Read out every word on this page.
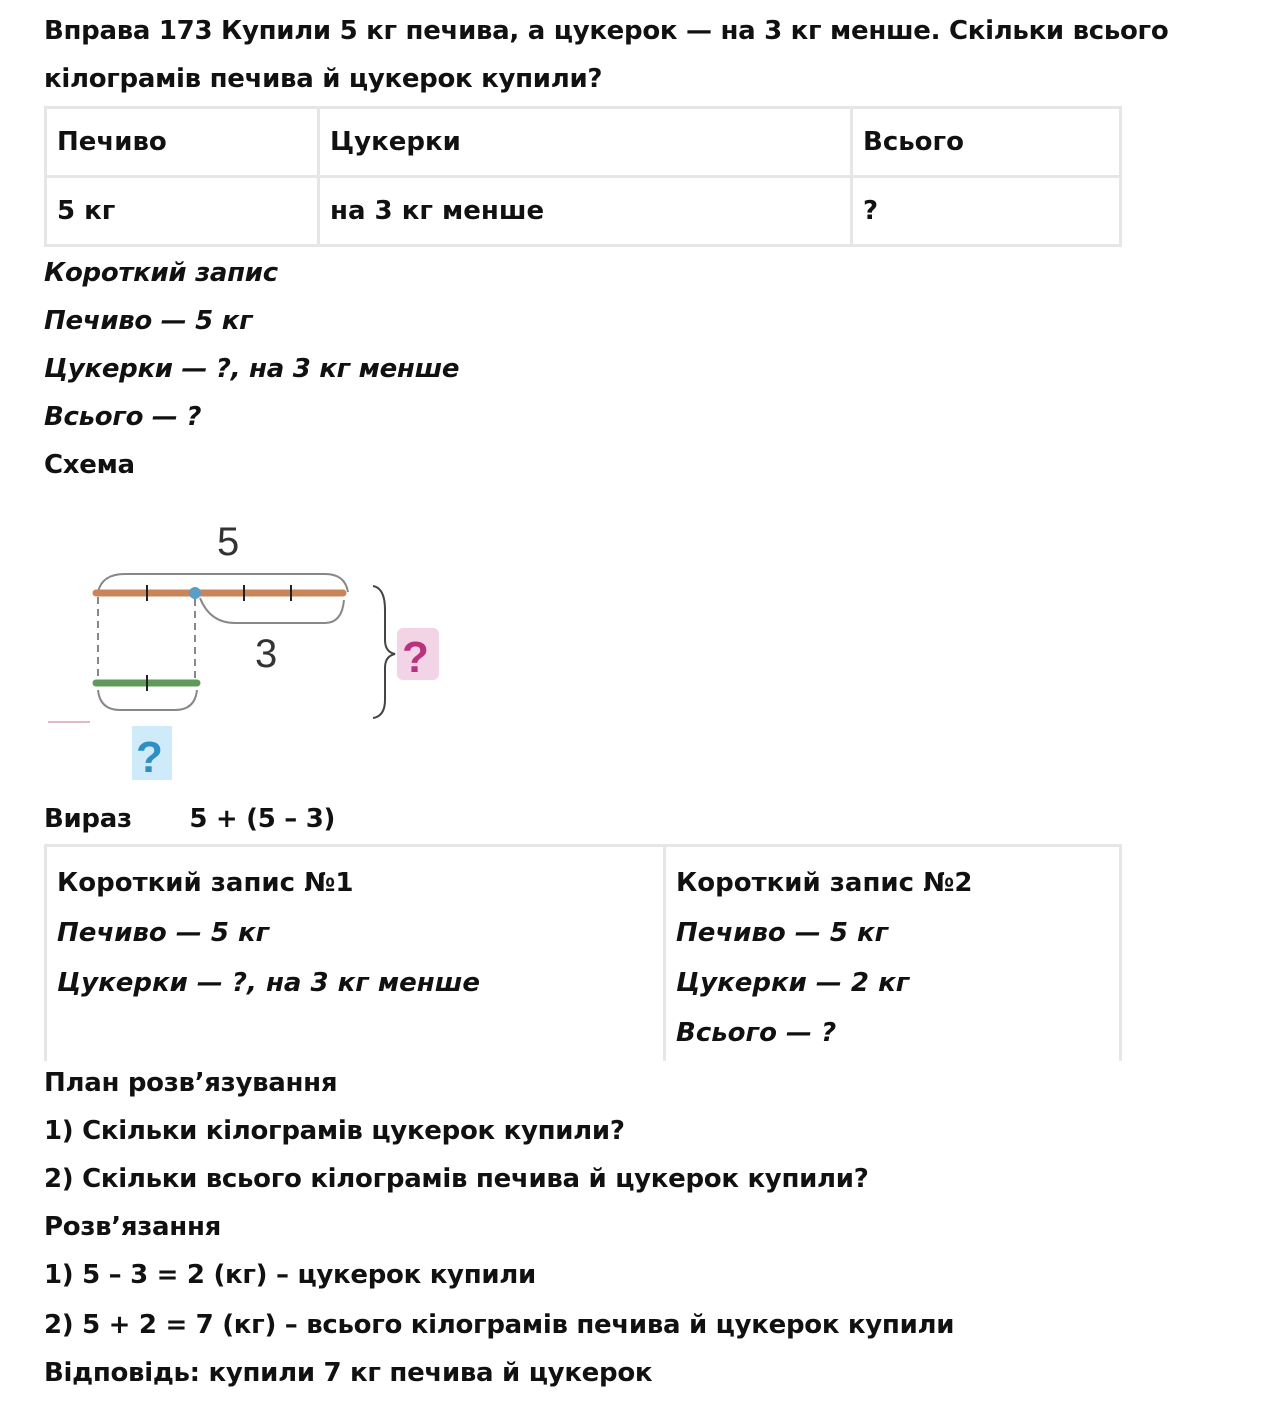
Вправа 173 Купили 5 кг печива, а цукерок — на 3 кг менше. Скільки всього
кілограмів печива й цукерок купили?
Печиво	Цукерки	Всього
5 кг	на 3 кг менше	?
Короткий запис
Печиво — 5 кг
Цукерки — ?, на 3 кг менше
Всього — ?
Схема
5
3	?
?
Вираз 5 + (5 – 3)
Короткий запис №1
Печиво — 5 кг
Цукерки — ?, на 3 кг менше

Короткий запис №2
Печиво — 5 кг
Цукерки — 2 кг
Всього — ?
План розв’язування
1) Скільки кілограмів цукерок купили?
2) Скільки всього кілограмів печива й цукерок купили?
Розв’язання
1) 5 – 3 = 2 (кг) – цукерок купили
2) 5 + 2 = 7 (кг) – всього кілограмів печива й цукерок купили
Відповідь: купили 7 кг печива й цукерок
